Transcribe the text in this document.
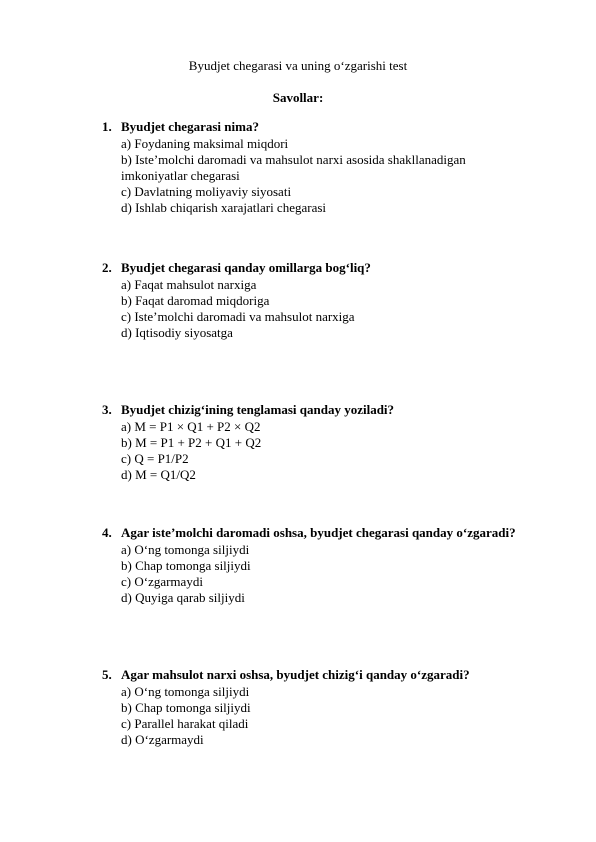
Byudjet chegarasi va uning o‘zgarishi test
Savollar:
1. Byudjet chegarasi nima?
a) Foydaning maksimal miqdori
b) Iste’molchi daromadi va mahsulot narxi asosida shakllanadigan imkoniyatlar chegarasi
c) Davlatning moliyaviy siyosati
d) Ishlab chiqarish xarajatlari chegarasi
2. Byudjet chegarasi qanday omillarga bog‘liq?
a) Faqat mahsulot narxiga
b) Faqat daromad miqdoriga
c) Iste’molchi daromadi va mahsulot narxiga
d) Iqtisodiy siyosatga
3. Byudjet chizig‘ining tenglamasi qanday yoziladi?
a) M = P1 × Q1 + P2 × Q2
b) M = P1 + P2 + Q1 + Q2
c) Q = P1/P2
d) M = Q1/Q2
4. Agar iste’molchi daromadi oshsa, byudjet chegarasi qanday o‘zgaradi?
a) O‘ng tomonga siljiydi
b) Chap tomonga siljiydi
c) O‘zgarmaydi
d) Quyiga qarab siljiydi
5. Agar mahsulot narxi oshsa, byudjet chizig‘i qanday o‘zgaradi?
a) O‘ng tomonga siljiydi
b) Chap tomonga siljiydi
c) Parallel harakat qiladi
d) O‘zgarmaydi
